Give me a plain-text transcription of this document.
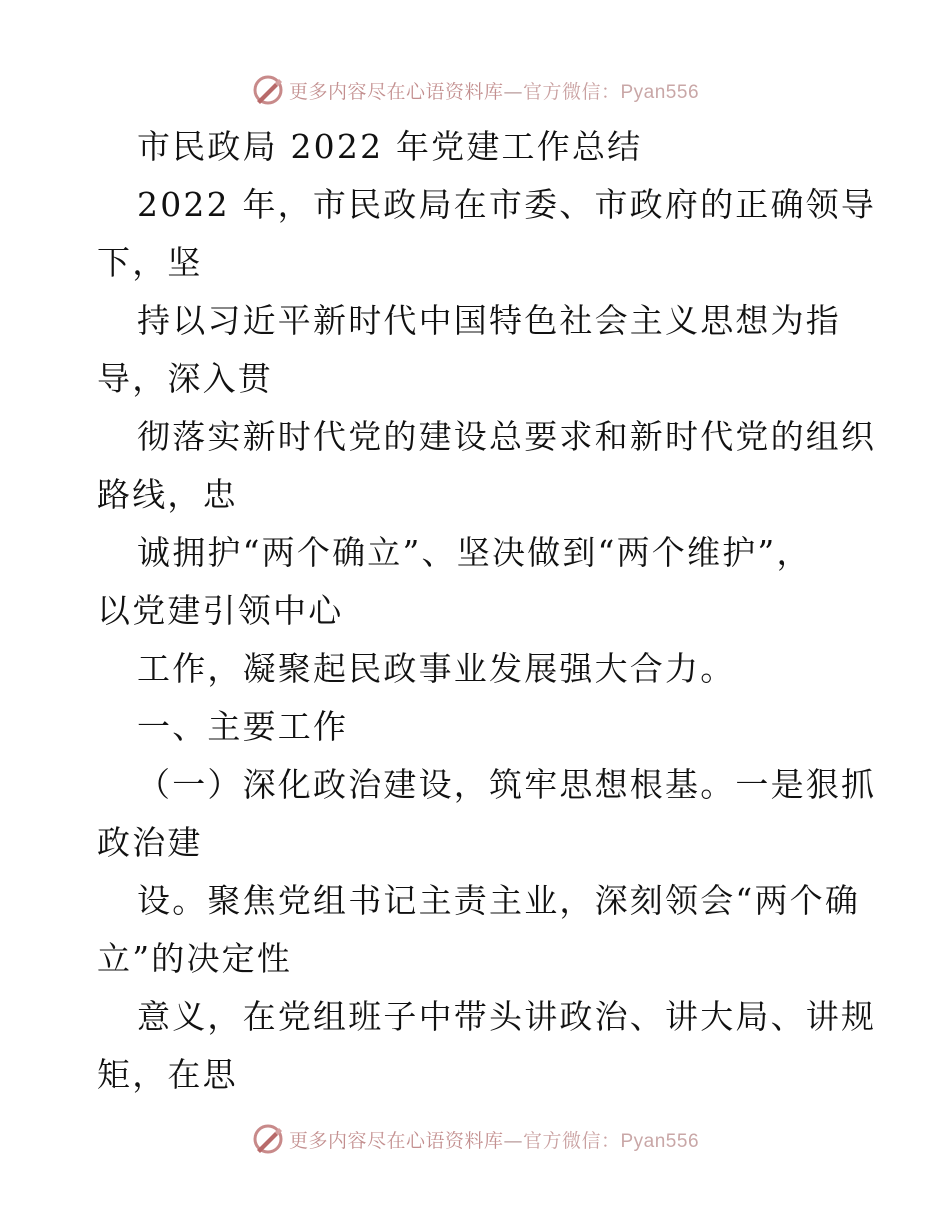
更多内容尽在心语资料库—官方微信：Pyan556
市民政局 2022 年党建工作总结
2022 年，市民政局在市委、市政府的正确领导
下，坚
持以习近平新时代中国特色社会主义思想为指
导，深入贯
彻落实新时代党的建设总要求和新时代党的组织
路线，忠
诚拥护“两个确立”、坚决做到“两个维护”，
以党建引领中心
工作，凝聚起民政事业发展强大合力。
一、主要工作
（一）深化政治建设，筑牢思想根基。一是狠抓
政治建
设。聚焦党组书记主责主业，深刻领会“两个确
立”的决定性
意义，在党组班子中带头讲政治、讲大局、讲规
矩，在思
更多内容尽在心语资料库—官方微信：Pyan556
